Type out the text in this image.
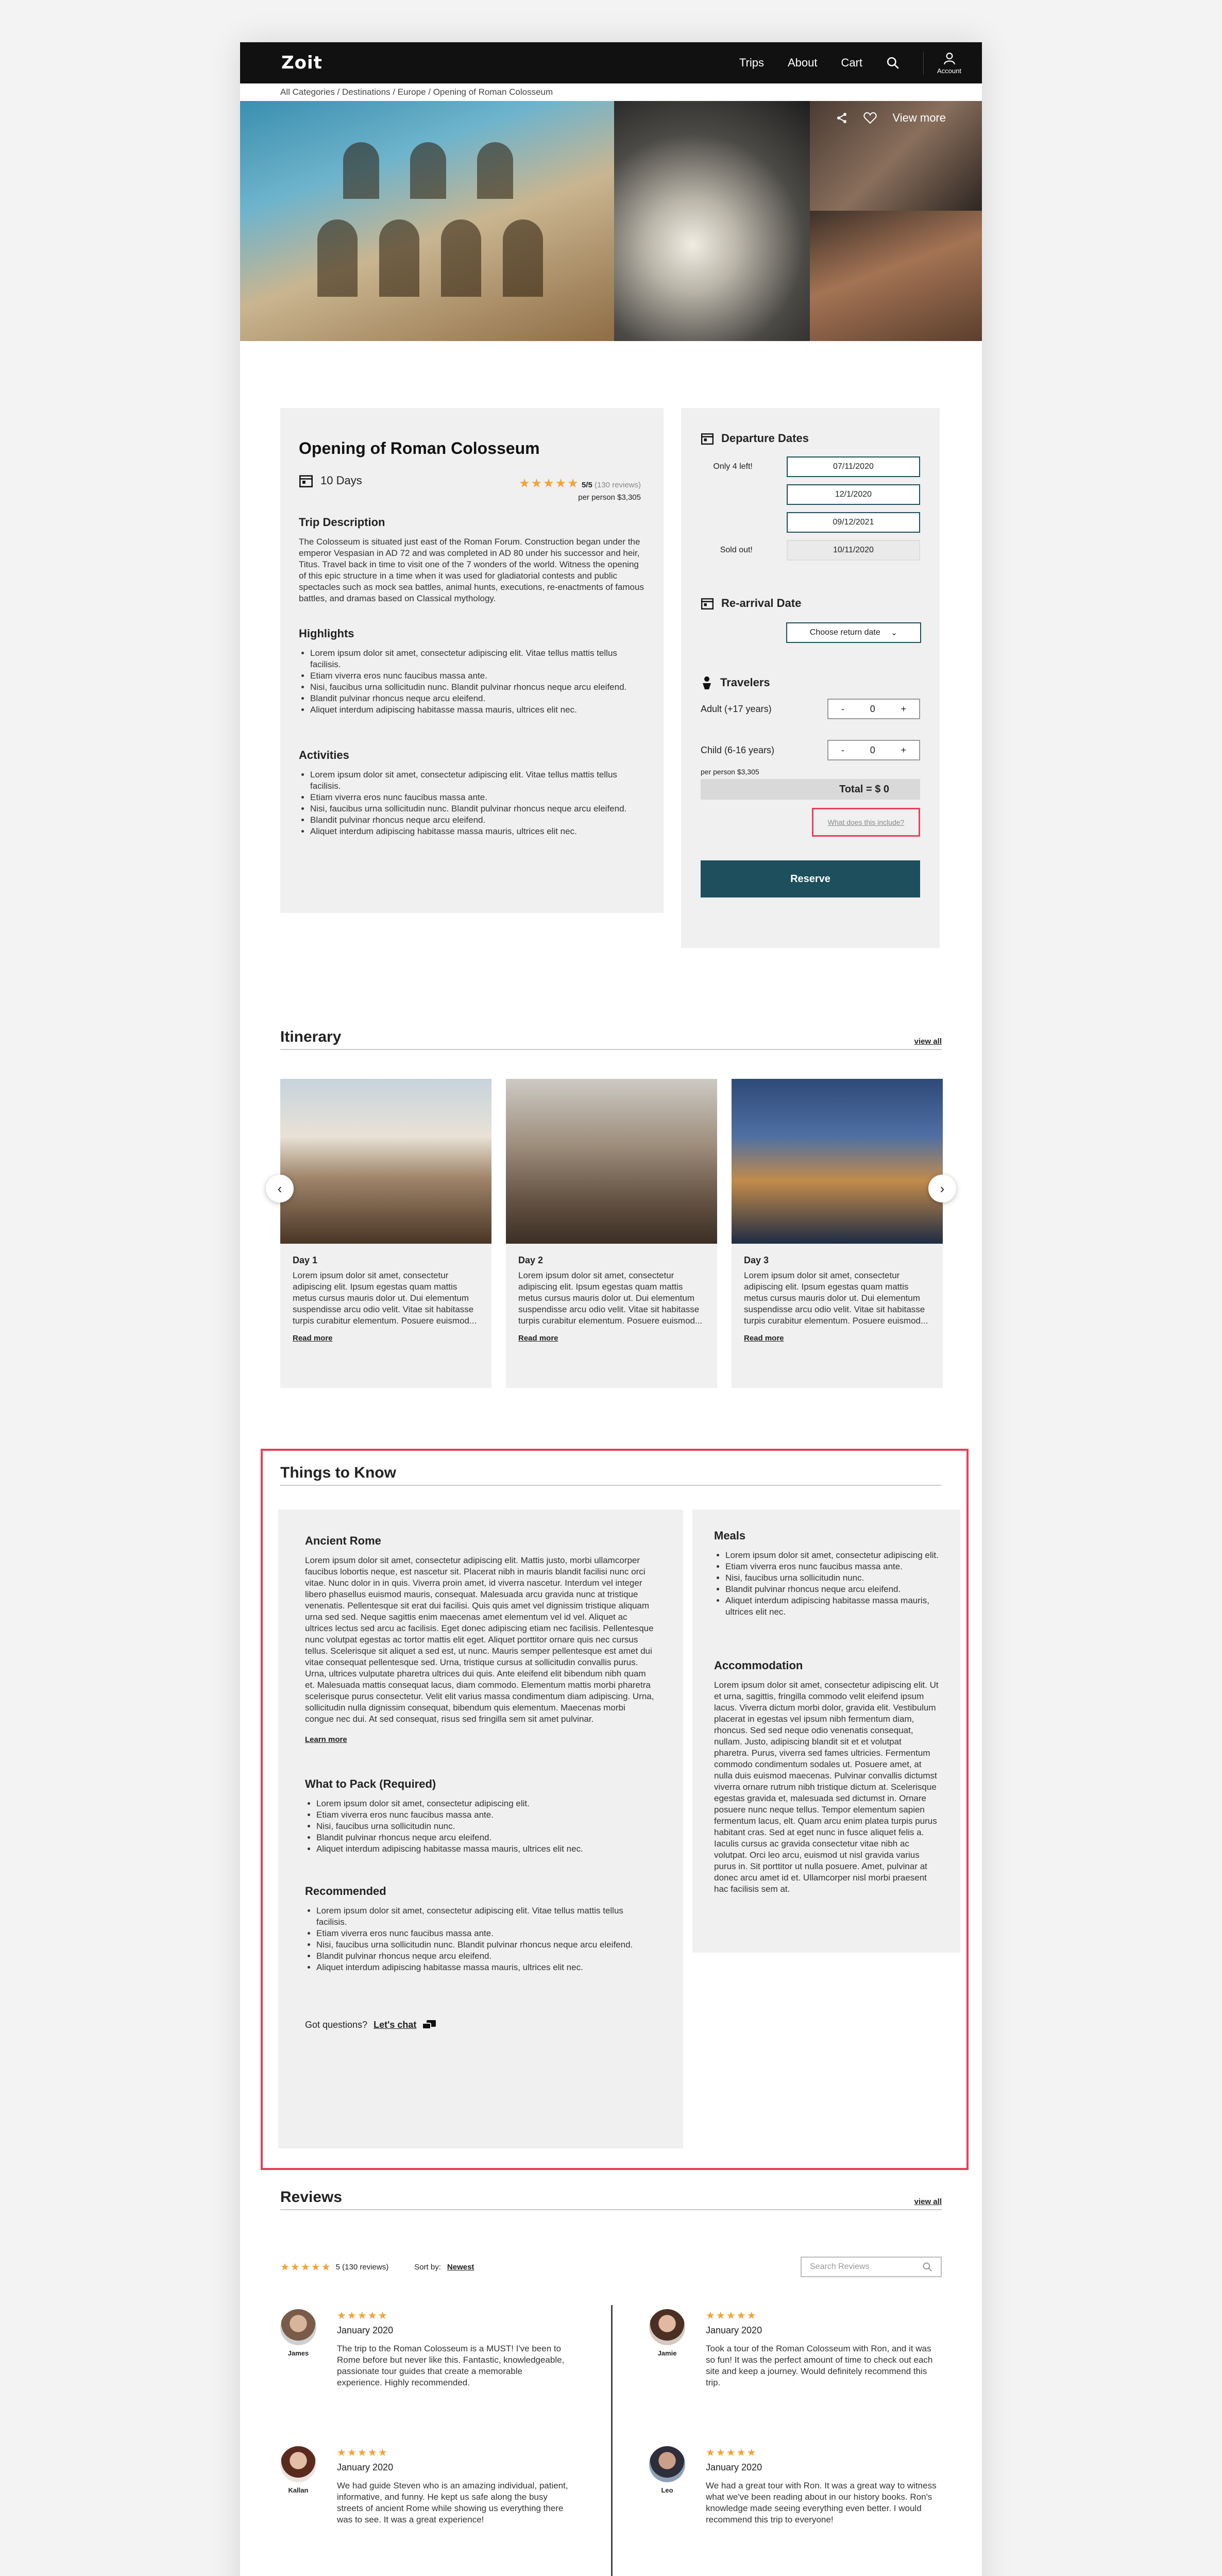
Zoit	Trips About Cart
Account
All Categories / Destinations / Europe / Opening of Roman Colosseum
View more
Opening of Roman Colosseum
10 Days	★★★★★ 5/5 (130 reviews)
per person $3,305
Trip Description
The Colosseum is situated just east of the Roman Forum. Construction began under the emperor Vespasian in AD 72 and was completed in AD 80 under his successor and heir, Titus. Travel back in time to visit one of the 7 wonders of the world. Witness the opening of this epic structure in a time when it was used for gladiatorial contests and public spectacles such as mock sea battles, animal hunts, executions, re-enactments of famous battles, and dramas based on Classical mythology.
Highlights
• Lorem ipsum dolor sit amet, consectetur adipiscing elit. Vitae tellus mattis tellus facilisis.
• Etiam viverra eros nunc faucibus massa ante.
• Nisi, faucibus urna sollicitudin nunc. Blandit pulvinar rhoncus neque arcu eleifend.
• Blandit pulvinar rhoncus neque arcu eleifend.
• Aliquet interdum adipiscing habitasse massa mauris, ultrices elit nec.
Activities
• Lorem ipsum dolor sit amet, consectetur adipiscing elit. Vitae tellus mattis tellus facilisis.
• Etiam viverra eros nunc faucibus massa ante.
• Nisi, faucibus urna sollicitudin nunc. Blandit pulvinar rhoncus neque arcu eleifend.
• Blandit pulvinar rhoncus neque arcu eleifend.
• Aliquet interdum adipiscing habitasse massa mauris, ultrices elit nec.
Departure Dates
Only 4 left!	07/11/2020
12/1/2020
09/12/2021
Sold out!	10/11/2020
Re-arrival Date
Choose return date ⌄
Travelers
Adult (+17 years)	-	0	+
Child (6-16 years)	-	0	+
per person $3,305
Total = $ 0
What does this include?
Reserve
Itinerary	view all
Day 1
Lorem ipsum dolor sit amet, consectetur adipiscing elit. Ipsum egestas quam mattis metus cursus mauris dolor ut. Dui elementum suspendisse arcu odio velit. Vitae sit habitasse turpis curabitur elementum. Posuere euismod...
Read more
Day 2
Lorem ipsum dolor sit amet, consectetur adipiscing elit. Ipsum egestas quam mattis metus cursus mauris dolor ut. Dui elementum suspendisse arcu odio velit. Vitae sit habitasse turpis curabitur elementum. Posuere euismod...
Read more
Day 3
Lorem ipsum dolor sit amet, consectetur adipiscing elit. Ipsum egestas quam mattis metus cursus mauris dolor ut. Dui elementum suspendisse arcu odio velit. Vitae sit habitasse turpis curabitur elementum. Posuere euismod...
Read more
‹	›
Things to Know
Ancient Rome
Lorem ipsum dolor sit amet, consectetur adipiscing elit. Mattis justo, morbi ullamcorper faucibus lobortis neque, est nascetur sit. Placerat nibh in mauris blandit facilisi nunc orci vitae. Nunc dolor in in quis. Viverra proin amet, id viverra nascetur. Interdum vel integer libero phasellus euismod mauris, consequat. Malesuada arcu gravida nunc at tristique venenatis. Pellentesque sit erat dui facilisi. Quis quis amet vel dignissim tristique aliquam urna sed sed. Neque sagittis enim maecenas amet elementum vel id vel. Aliquet ac ultrices lectus sed arcu ac facilisis. Eget donec adipiscing etiam nec facilisis. Pellentesque nunc volutpat egestas ac tortor mattis elit eget. Aliquet porttitor ornare quis nec cursus tellus. Scelerisque sit aliquet a sed est, ut nunc. Mauris semper pellentesque est amet dui vitae consequat pellentesque sed. Urna, tristique cursus at sollicitudin convallis purus. Urna, ultrices vulputate pharetra ultrices dui quis. Ante eleifend elit bibendum nibh quam et. Malesuada mattis consequat lacus, diam commodo. Elementum mattis morbi pharetra scelerisque purus consectetur. Velit elit varius massa condimentum diam adipiscing. Urna, sollicitudin nulla dignissim consequat, bibendum quis elementum. Maecenas morbi congue nec dui. At sed consequat, risus sed fringilla sem sit amet pulvinar.
Learn more
What to Pack (Required)
• Lorem ipsum dolor sit amet, consectetur adipiscing elit.
• Etiam viverra eros nunc faucibus massa ante.
• Nisi, faucibus urna sollicitudin nunc.
• Blandit pulvinar rhoncus neque arcu eleifend.
• Aliquet interdum adipiscing habitasse massa mauris, ultrices elit nec.
Recommended
• Lorem ipsum dolor sit amet, consectetur adipiscing elit. Vitae tellus mattis tellus facilisis.
• Etiam viverra eros nunc faucibus massa ante.
• Nisi, faucibus urna sollicitudin nunc. Blandit pulvinar rhoncus neque arcu eleifend.
• Blandit pulvinar rhoncus neque arcu eleifend.
• Aliquet interdum adipiscing habitasse massa mauris, ultrices elit nec.
Got questions? Let's chat
Meals
• Lorem ipsum dolor sit amet, consectetur adipiscing elit.
• Etiam viverra eros nunc faucibus massa ante.
• Nisi, faucibus urna sollicitudin nunc.
• Blandit pulvinar rhoncus neque arcu eleifend.
• Aliquet interdum adipiscing habitasse massa mauris, ultrices elit nec.
Accommodation
Lorem ipsum dolor sit amet, consectetur adipiscing elit. Ut et urna, sagittis, fringilla commodo velit eleifend ipsum lacus. Viverra dictum morbi dolor, gravida elit. Vestibulum placerat in egestas vel ipsum nibh fermentum diam, rhoncus. Sed sed neque odio venenatis consequat, nullam. Justo, adipiscing blandit sit et et volutpat pharetra. Purus, viverra sed fames ultricies. Fermentum commodo condimentum sodales ut. Posuere amet, at nulla duis euismod maecenas. Pulvinar convallis dictumst viverra ornare rutrum nibh tristique dictum at. Scelerisque egestas gravida et, malesuada sed dictumst in. Ornare posuere nunc neque tellus. Tempor elementum sapien fermentum lacus, elt. Quam arcu enim platea turpis purus habitant cras. Sed at eget nunc in fusce aliquet felis a. Iaculis cursus ac gravida consectetur vitae nibh ac volutpat. Orci leo arcu, euismod ut nisl gravida varius purus in. Sit porttitor ut nulla posuere. Amet, pulvinar at donec arcu amet id et. Ullamcorper nisl morbi praesent hac facilisis sem at.
Reviews	view all
★★★★★ 5 (130 reviews)	Sort by: Newest	Search Reviews
James
★★★★★
January 2020
The trip to the Roman Colosseum is a MUST! I've been to Rome before but never like this. Fantastic, knowledgeable, passionate tour guides that create a memorable experience. Highly recommended.
Jamie
★★★★★
January 2020
Took a tour of the Roman Colosseum with Ron, and it was so fun! It was the perfect amount of time to check out each site and keep a journey. Would definitely recommend this trip.
Kallan
★★★★★
January 2020
We had guide Steven who is an amazing individual, patient, informative, and funny. He kept us safe along the busy streets of ancient Rome while showing us everything there was to see. It was a great experience!
Leo
★★★★★
January 2020
We had a great tour with Ron. It was a great way to witness what we've been reading about in our history books. Ron's knowledge made seeing everything even better. I would recommend this trip to everyone!
